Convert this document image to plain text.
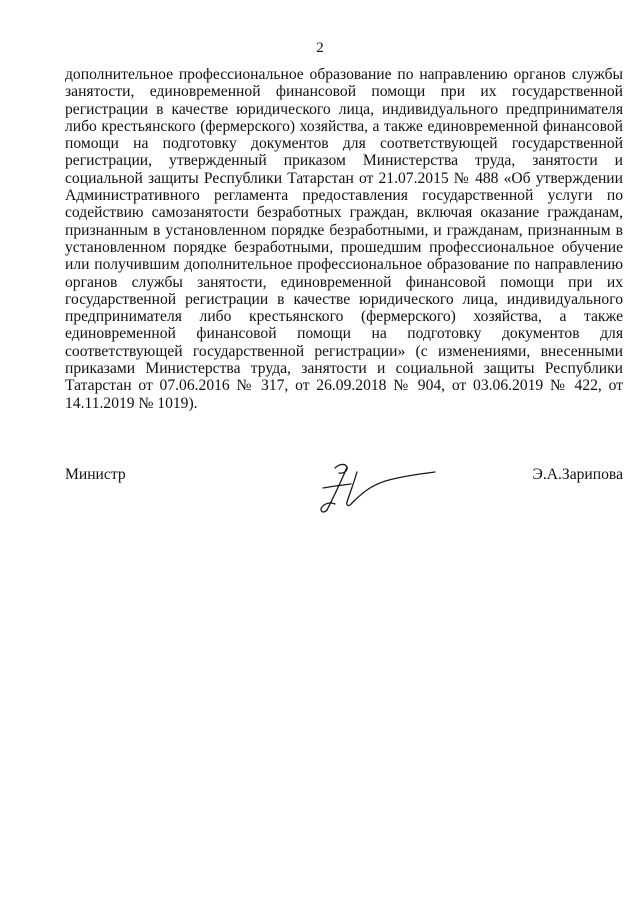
2

дополнительное профессиональное образование по направлению органов службы занятости, единовременной финансовой помощи при их государственной регистрации в качестве юридического лица, индивидуального предпринимателя либо крестьянского (фермерского) хозяйства, а также единовременной финансовой помощи на подготовку документов для соответствующей государственной регистрации, утвержденный приказом Министерства труда, занятости и социальной защиты Республики Татарстан от 21.07.2015 № 488 «Об утверждении Административного регламента предоставления государственной услуги по содействию самозанятости безработных граждан, включая оказание гражданам, признанным в установленном порядке безработными, и гражданам, признанным в установленном порядке безработными, прошедшим профессиональное обучение или получившим дополнительное профессиональное образование по направлению органов службы занятости, единовременной финансовой помощи при их государственной регистрации в качестве юридического лица, индивидуального предпринимателя либо крестьянского (фермерского) хозяйства, а также единовременной финансовой помощи на подготовку документов для соответствующей государственной регистрации» (с изменениями, внесенными приказами Министерства труда, занятости и социальной защиты Республики Татарстан от 07.06.2016 № 317, от 26.09.2018 № 904, от 03.06.2019 № 422, от 14.11.2019 № 1019).

Министр	Э.А.Зарипова
